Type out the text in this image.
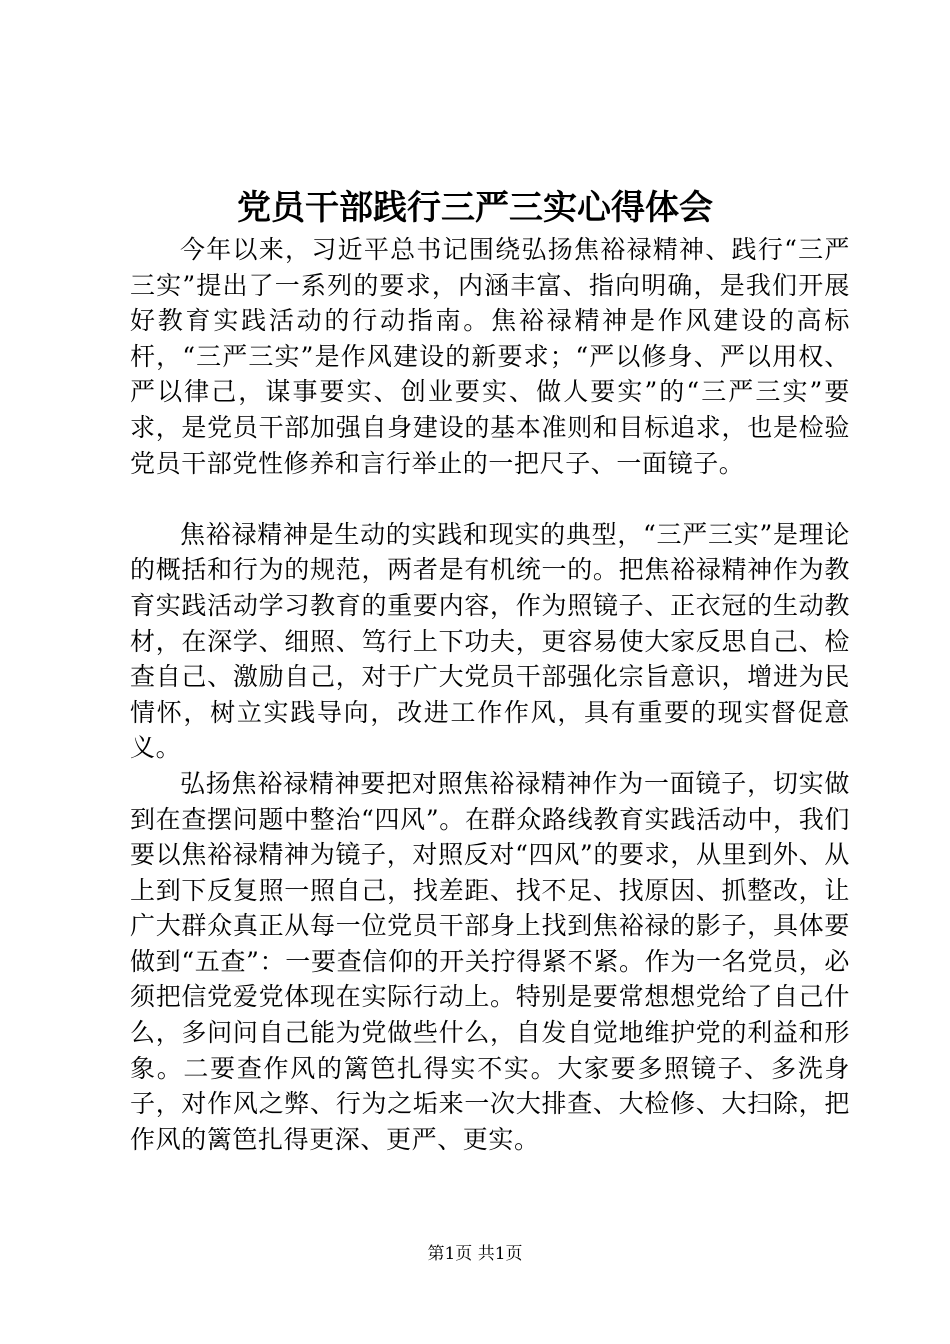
党员干部践行三严三实心得体会

今年以来，习近平总书记围绕弘扬焦裕禄精神、践行“三严三实”提出了一系列的要求，内涵丰富、指向明确，是我们开展好教育实践活动的行动指南。焦裕禄精神是作风建设的高标杆，“三严三实”是作风建设的新要求；“严以修身、严以用权、严以律己，谋事要实、创业要实、做人要实”的“三严三实”要求，是党员干部加强自身建设的基本准则和目标追求，也是检验党员干部党性修养和言行举止的一把尺子、一面镜子。

焦裕禄精神是生动的实践和现实的典型，“三严三实”是理论的概括和行为的规范，两者是有机统一的。把焦裕禄精神作为教育实践活动学习教育的重要内容，作为照镜子、正衣冠的生动教材，在深学、细照、笃行上下功夫，更容易使大家反思自己、检查自己、激励自己，对于广大党员干部强化宗旨意识，增进为民情怀，树立实践导向，改进工作作风，具有重要的现实督促意义。

弘扬焦裕禄精神要把对照焦裕禄精神作为一面镜子，切实做到在查摆问题中整治“四风”。在群众路线教育实践活动中，我们要以焦裕禄精神为镜子，对照反对“四风”的要求，从里到外、从上到下反复照一照自己，找差距、找不足、找原因、抓整改，让广大群众真正从每一位党员干部身上找到焦裕禄的影子，具体要做到“五查”：一要查信仰的开关拧得紧不紧。作为一名党员，必须把信党爱党体现在实际行动上。特别是要常想想党给了自己什么，多问问自己能为党做些什么，自发自觉地维护党的利益和形象。二要查作风的篱笆扎得实不实。大家要多照镜子、多洗身子，对作风之弊、行为之垢来一次大排查、大检修、大扫除，把作风的篱笆扎得更深、更严、更实。

第1页 共1页
